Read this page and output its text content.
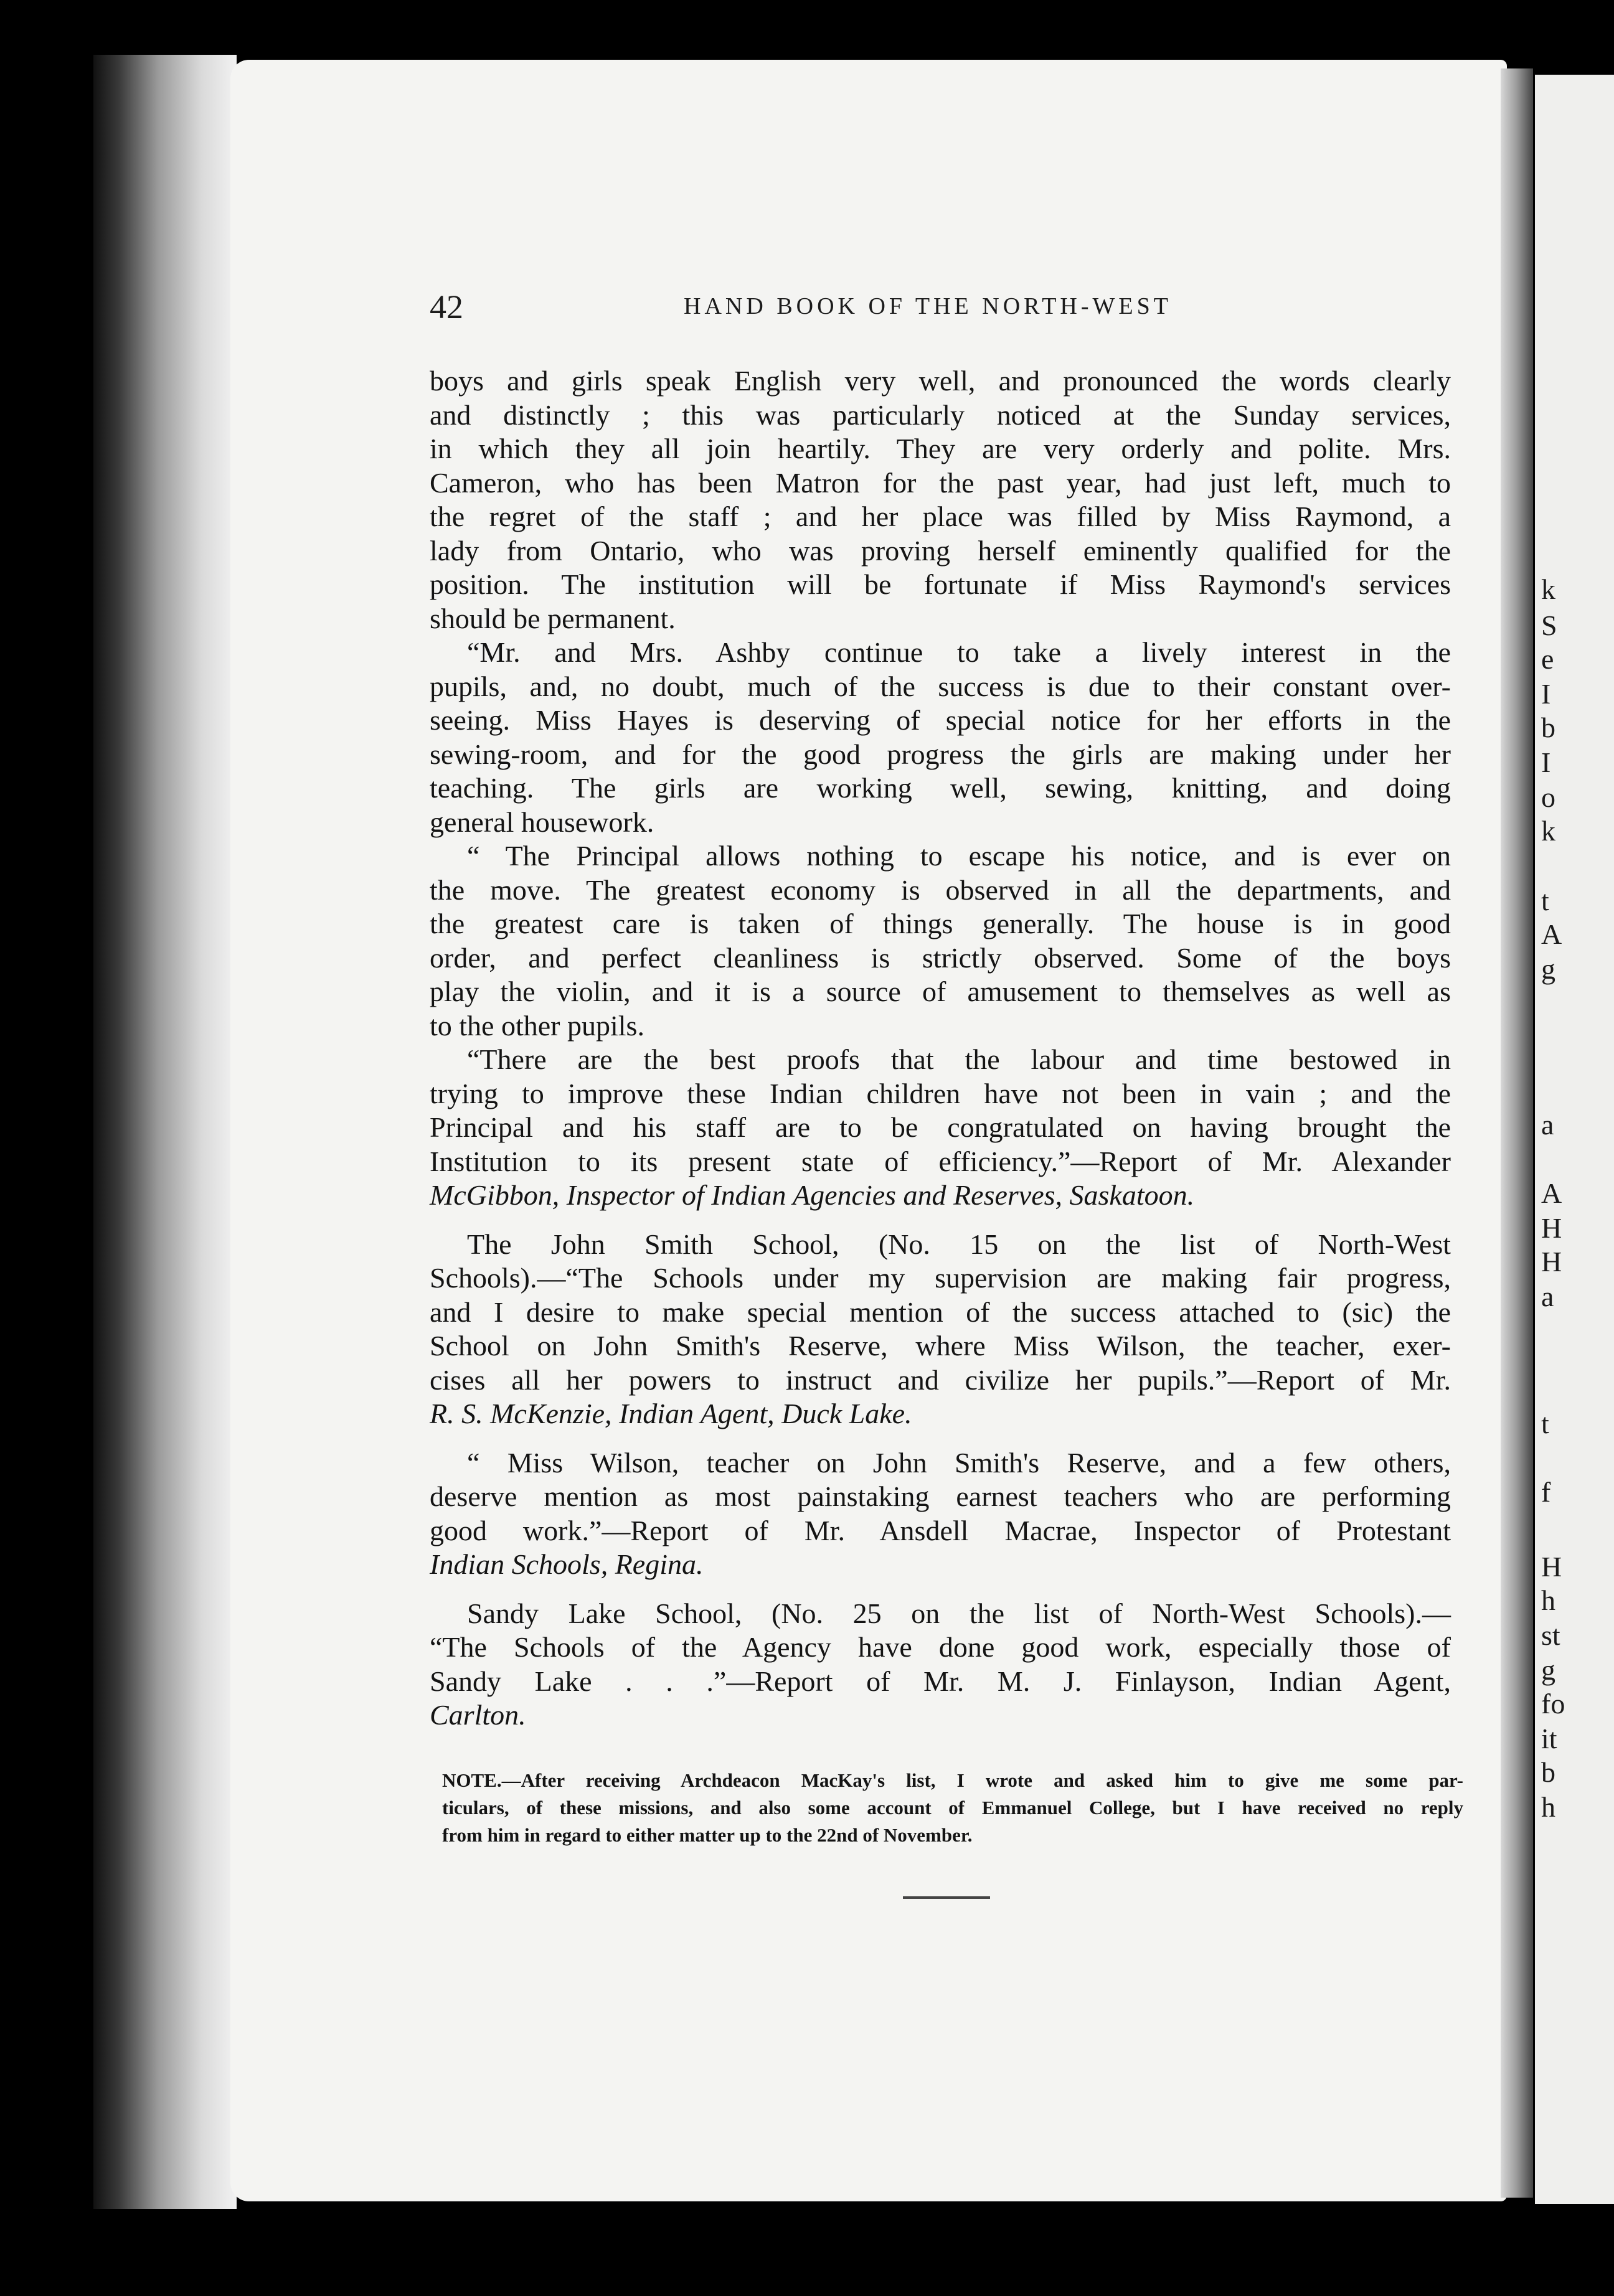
k
S
e
I
b
I
o
k
t
A
g
a
A
H
H
a
t
f
H
h
st
g
fo
it
b
h
42	HAND BOOK OF THE NORTH-WEST

boys and girls speak English very well, and pronounced the words clearly
and distinctly ; this was particularly noticed at the Sunday services,
in which they all join heartily. They are very orderly and polite. Mrs.
Cameron, who has been Matron for the past year, had just left, much to
the regret of the staff ; and her place was filled by Miss Raymond, a
lady from Ontario, who was proving herself eminently qualified for the
position. The institution will be fortunate if Miss Raymond's services
should be permanent.

“Mr. and Mrs. Ashby continue to take a lively interest in the
pupils, and, no doubt, much of the success is due to their constant over-
seeing. Miss Hayes is deserving of special notice for her efforts in the
sewing-room, and for the good progress the girls are making under her
teaching. The girls are working well, sewing, knitting, and doing
general housework.

“ The Principal allows nothing to escape his notice, and is ever on
the move. The greatest economy is observed in all the departments, and
the greatest care is taken of things generally. The house is in good
order, and perfect cleanliness is strictly observed. Some of the boys
play the violin, and it is a source of amusement to themselves as well as
to the other pupils.

“There are the best proofs that the labour and time bestowed in
trying to improve these Indian children have not been in vain ; and the
Principal and his staff are to be congratulated on having brought the
Institution to its present state of efficiency.”—Report of Mr. Alexander
McGibbon, Inspector of Indian Agencies and Reserves, Saskatoon.

The John Smith School, (No. 15 on the list of North-West
Schools).—“The Schools under my supervision are making fair progress,
and I desire to make special mention of the success attached to (sic) the
School on John Smith's Reserve, where Miss Wilson, the teacher, exer-
cises all her powers to instruct and civilize her pupils.”—Report of Mr.
R. S. McKenzie, Indian Agent, Duck Lake.

“ Miss Wilson, teacher on John Smith's Reserve, and a few others,
deserve mention as most painstaking earnest teachers who are performing
good work.”—Report of Mr. Ansdell Macrae, Inspector of Protestant
Indian Schools, Regina.

Sandy Lake School, (No. 25 on the list of North-West Schools).—
“The Schools of the Agency have done good work, especially those of
Sandy Lake . . .”—Report of Mr. M. J. Finlayson, Indian Agent,
Carlton.

NOTE.—After receiving Archdeacon MacKay's list, I wrote and asked him to give me some par-
ticulars, of these missions, and also some account of Emmanuel College, but I have received no reply
from him in regard to either matter up to the 22nd of November.
